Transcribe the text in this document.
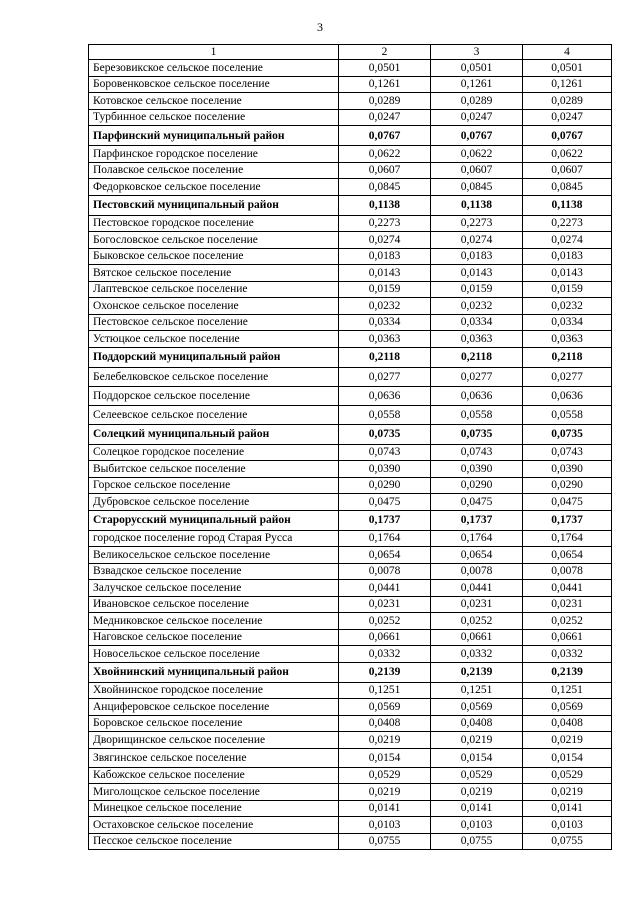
3
1	2	3	4
Березовикское сельское поселение	0,0501	0,0501	0,0501
Боровенковское сельское поселение	0,1261	0,1261	0,1261
Котовское сельское поселение	0,0289	0,0289	0,0289
Турбинное сельское поселение	0,0247	0,0247	0,0247
Парфинский муниципальный район	0,0767	0,0767	0,0767
Парфинское городское поселение	0,0622	0,0622	0,0622
Полавское сельское поселение	0,0607	0,0607	0,0607
Федорковское сельское поселение	0,0845	0,0845	0,0845
Пестовский муниципальный район	0,1138	0,1138	0,1138
Пестовское городское поселение	0,2273	0,2273	0,2273
Богословское сельское поселение	0,0274	0,0274	0,0274
Быковское сельское поселение	0,0183	0,0183	0,0183
Вятское сельское поселение	0,0143	0,0143	0,0143
Лаптевское сельское поселение	0,0159	0,0159	0,0159
Охонское сельское поселение	0,0232	0,0232	0,0232
Пестовское сельское поселение	0,0334	0,0334	0,0334
Устюцкое сельское поселение	0,0363	0,0363	0,0363
Поддорский муниципальный район	0,2118	0,2118	0,2118
Белебелковское сельское поселение	0,0277	0,0277	0,0277
Поддорское сельское поселение	0,0636	0,0636	0,0636
Селеевское сельское поселение	0,0558	0,0558	0,0558
Солецкий муниципальный район	0,0735	0,0735	0,0735
Солецкое городское поселение	0,0743	0,0743	0,0743
Выбитское сельское поселение	0,0390	0,0390	0,0390
Горское сельское поселение	0,0290	0,0290	0,0290
Дубровское сельское поселение	0,0475	0,0475	0,0475
Старорусский муниципальный район	0,1737	0,1737	0,1737
городское поселение город Старая Русса	0,1764	0,1764	0,1764
Великосельское сельское поселение	0,0654	0,0654	0,0654
Взвадское сельское поселение	0,0078	0,0078	0,0078
Залучское сельское поселение	0,0441	0,0441	0,0441
Ивановское сельское поселение	0,0231	0,0231	0,0231
Медниковское сельское поселение	0,0252	0,0252	0,0252
Наговское сельское поселение	0,0661	0,0661	0,0661
Новосельское сельское поселение	0,0332	0,0332	0,0332
Хвойнинский муниципальный район	0,2139	0,2139	0,2139
Хвойнинское городское поселение	0,1251	0,1251	0,1251
Анциферовское сельское поселение	0,0569	0,0569	0,0569
Боровское сельское поселение	0,0408	0,0408	0,0408
Дворищинское сельское поселение	0,0219	0,0219	0,0219
Звягинское сельское поселение	0,0154	0,0154	0,0154
Кабожское сельское поселение	0,0529	0,0529	0,0529
Миголощское сельское поселение	0,0219	0,0219	0,0219
Минецкое сельское поселение	0,0141	0,0141	0,0141
Остаховское сельское поселение	0,0103	0,0103	0,0103
Песское сельское поселение	0,0755	0,0755	0,0755
